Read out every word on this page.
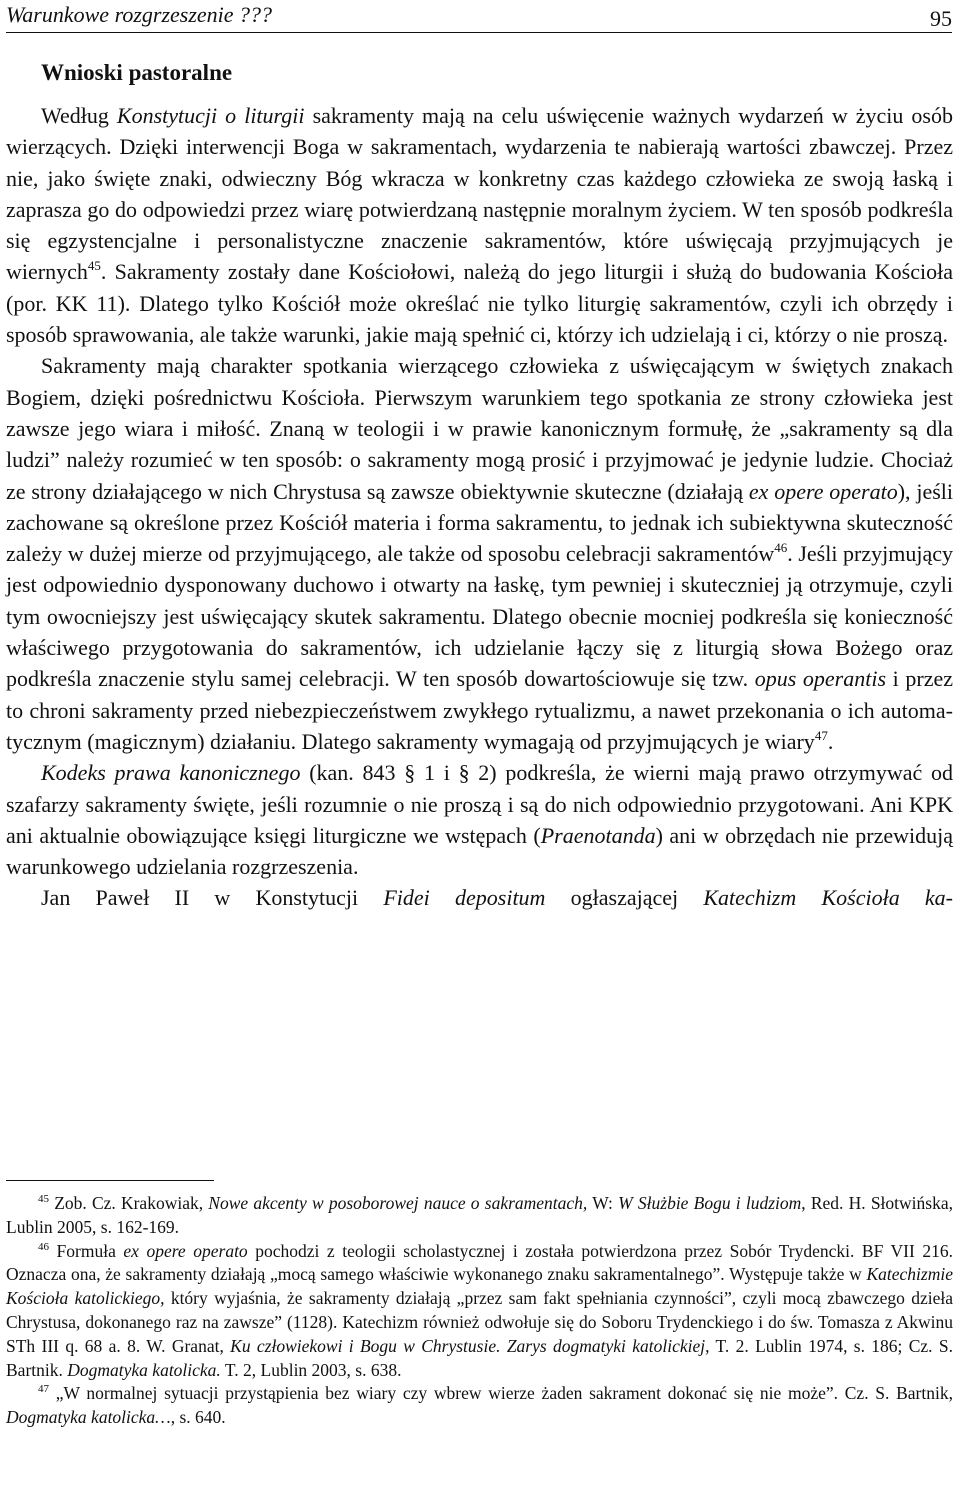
Warunkowe rozgrzeszenie ???	95
Wnioski pastoralne

Według Konstytucji o liturgii sakramenty mają na celu uświęcenie ważnych wydarzeń w życiu osób wierzących. Dzięki interwencji Boga w sakramentach, wydarzenia te nabierają wartości zbawczej. Przez nie, jako święte znaki, odwieczny Bóg wkracza w konkretny czas każdego człowieka ze swoją łaską i zaprasza go do odpowiedzi przez wiarę potwierdzaną następnie moralnym życiem. W ten sposób podkreśla się egzystencjalne i personalistyczne znaczenie sakramentów, które uświęcają przyjmujących je wiernych$^{45}$. Sakramenty zostały dane Kościołowi, należą do jego liturgii i służą do budowania Kościoła (por. KK 11). Dlatego tylko Kościół może określać nie tylko liturgię sakramentów, czyli ich obrzędy i sposób sprawowania, ale także warunki, jakie mają spełnić ci, którzy ich udzielają i ci, którzy o nie proszą.

Sakramenty mają charakter spotkania wierzącego człowieka z uświęcającym w świętych znakach Bogiem, dzięki pośrednictwu Kościoła. Pierwszym warunkiem tego spotkania ze strony człowieka jest zawsze jego wiara i miłość. Znaną w teologii i w prawie kanonicznym formułę, że „sakramenty są dla ludzi” należy rozumieć w ten sposób: o sakramenty mogą prosić i przyjmować je jedynie ludzie. Chociaż ze strony działającego w nich Chrystusa są zawsze obiektywnie skuteczne (działają ex opere operato), jeśli zachowane są określone przez Kościół materia i forma sakramentu, to jednak ich subiektywna skuteczność zależy w dużej mierze od przyjmującego, ale także od sposobu celebracji sakramentów$^{46}$. Jeśli przyjmujący jest odpowiednio dysponowany duchowo i otwarty na łaskę, tym pewniej i skuteczniej ją otrzymuje, czyli tym owocniejszy jest uświęcający skutek sakramentu. Dlatego obecnie mocniej podkreśla się konieczność właściwego przygotowania do sakramentów, ich udzielanie łączy się z liturgią słowa Bożego oraz podkreśla znaczenie stylu samej celebracji. W ten sposób dowartościowuje się tzw. opus operantis i przez to chroni sakramenty przed niebezpieczeństwem zwykłego rytualizmu, a nawet przekonania o ich automatycznym (magicznym) działaniu. Dlatego sakramenty wymagają od przyjmujących je wiary$^{47}$.

Kodeks prawa kanonicznego (kan. 843 § 1 i § 2) podkreśla, że wierni mają prawo otrzymywać od szafarzy sakramenty święte, jeśli rozumnie o nie proszą i są do nich odpowiednio przygotowani. Ani KPK ani aktualnie obowiązujące księgi liturgiczne we wstępach (Praenotanda) ani w obrzędach nie przewidują warunkowego udzielania rozgrzeszenia.

Jan Paweł II w Konstytucji Fidei depositum ogłaszającej Katechizm Kościoła ka-

$^{45}$ Zob. Cz. Krakowiak, Nowe akcenty w posoborowej nauce o sakramentach, W: W Służbie Bogu i ludziom, Red. H. Słotwińska, Lublin 2005, s. 162-169.

$^{46}$ Formuła ex opere operato pochodzi z teologii scholastycznej i została potwierdzona przez Sobór Trydencki. BF VII 216. Oznacza ona, że sakramenty działają „mocą samego właściwie wykonanego znaku sakramentalnego”. Występuje także w Katechizmie Kościoła katolickiego, który wyjaśnia, że sakramenty działają „przez sam fakt spełniania czynności”, czyli mocą zbawczego dzieła Chrystusa, dokonanego raz na zawsze” (1128). Katechizm również odwołuje się do Soboru Trydenckiego i do św. Tomasza z Akwinu STh III q. 68 a. 8. W. Granat, Ku człowiekowi i Bogu w Chrystusie. Zarys dogmatyki katolickiej, T. 2. Lublin 1974, s. 186; Cz. S. Bartnik. Dogmatyka katolicka. T. 2, Lublin 2003, s. 638.

$^{47}$ „W normalnej sytuacji przystąpienia bez wiary czy wbrew wierze żaden sakrament dokonać się nie może”. Cz. S. Bartnik, Dogmatyka katolicka…, s. 640.
